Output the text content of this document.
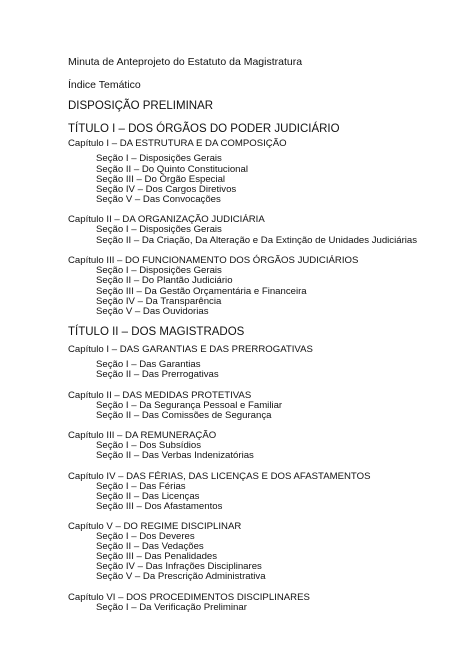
Minuta de Anteprojeto do Estatuto da Magistratura
Índice Temático
DISPOSIÇÃO PRELIMINAR
TÍTULO I – DOS ÓRGÃOS DO PODER JUDICIÁRIO
Capítulo I – DA ESTRUTURA E DA COMPOSIÇÃO
Seção I – Disposições Gerais
Seção II – Do Quinto Constitucional
Seção III – Do Órgão Especial
Seção IV – Dos Cargos Diretivos
Seção V – Das Convocações
Capítulo II – DA ORGANIZAÇÃO JUDICIÁRIA
Seção I – Disposições Gerais
Seção II – Da Criação, Da Alteração e Da Extinção de Unidades Judiciárias
Capítulo III – DO FUNCIONAMENTO DOS ÓRGÃOS JUDICIÁRIOS
Seção I – Disposições Gerais
Seção II – Do Plantão Judiciário
Seção III – Da Gestão Orçamentária e Financeira
Seção IV – Da Transparência
Seção V – Das Ouvidorias
TÍTULO II – DOS MAGISTRADOS
Capítulo I – DAS GARANTIAS E DAS PRERROGATIVAS
Seção I – Das Garantias
Seção II – Das Prerrogativas
Capítulo II – DAS MEDIDAS PROTETIVAS
Seção I – Da Segurança Pessoal e Familiar
Seção II – Das Comissões de Segurança
Capítulo III – DA REMUNERAÇÃO
Seção I – Dos Subsídios
Seção II – Das Verbas Indenizatórias
Capítulo IV – DAS FÉRIAS, DAS LICENÇAS E DOS AFASTAMENTOS
Seção I – Das Férias
Seção II – Das Licenças
Seção III – Dos Afastamentos
Capítulo V – DO REGIME DISCIPLINAR
Seção I – Dos Deveres
Seção II – Das Vedações
Seção III – Das Penalidades
Seção IV – Das Infrações Disciplinares
Seção V – Da Prescrição Administrativa
Capítulo VI – DOS PROCEDIMENTOS DISCIPLINARES
Seção I – Da Verificação Preliminar
